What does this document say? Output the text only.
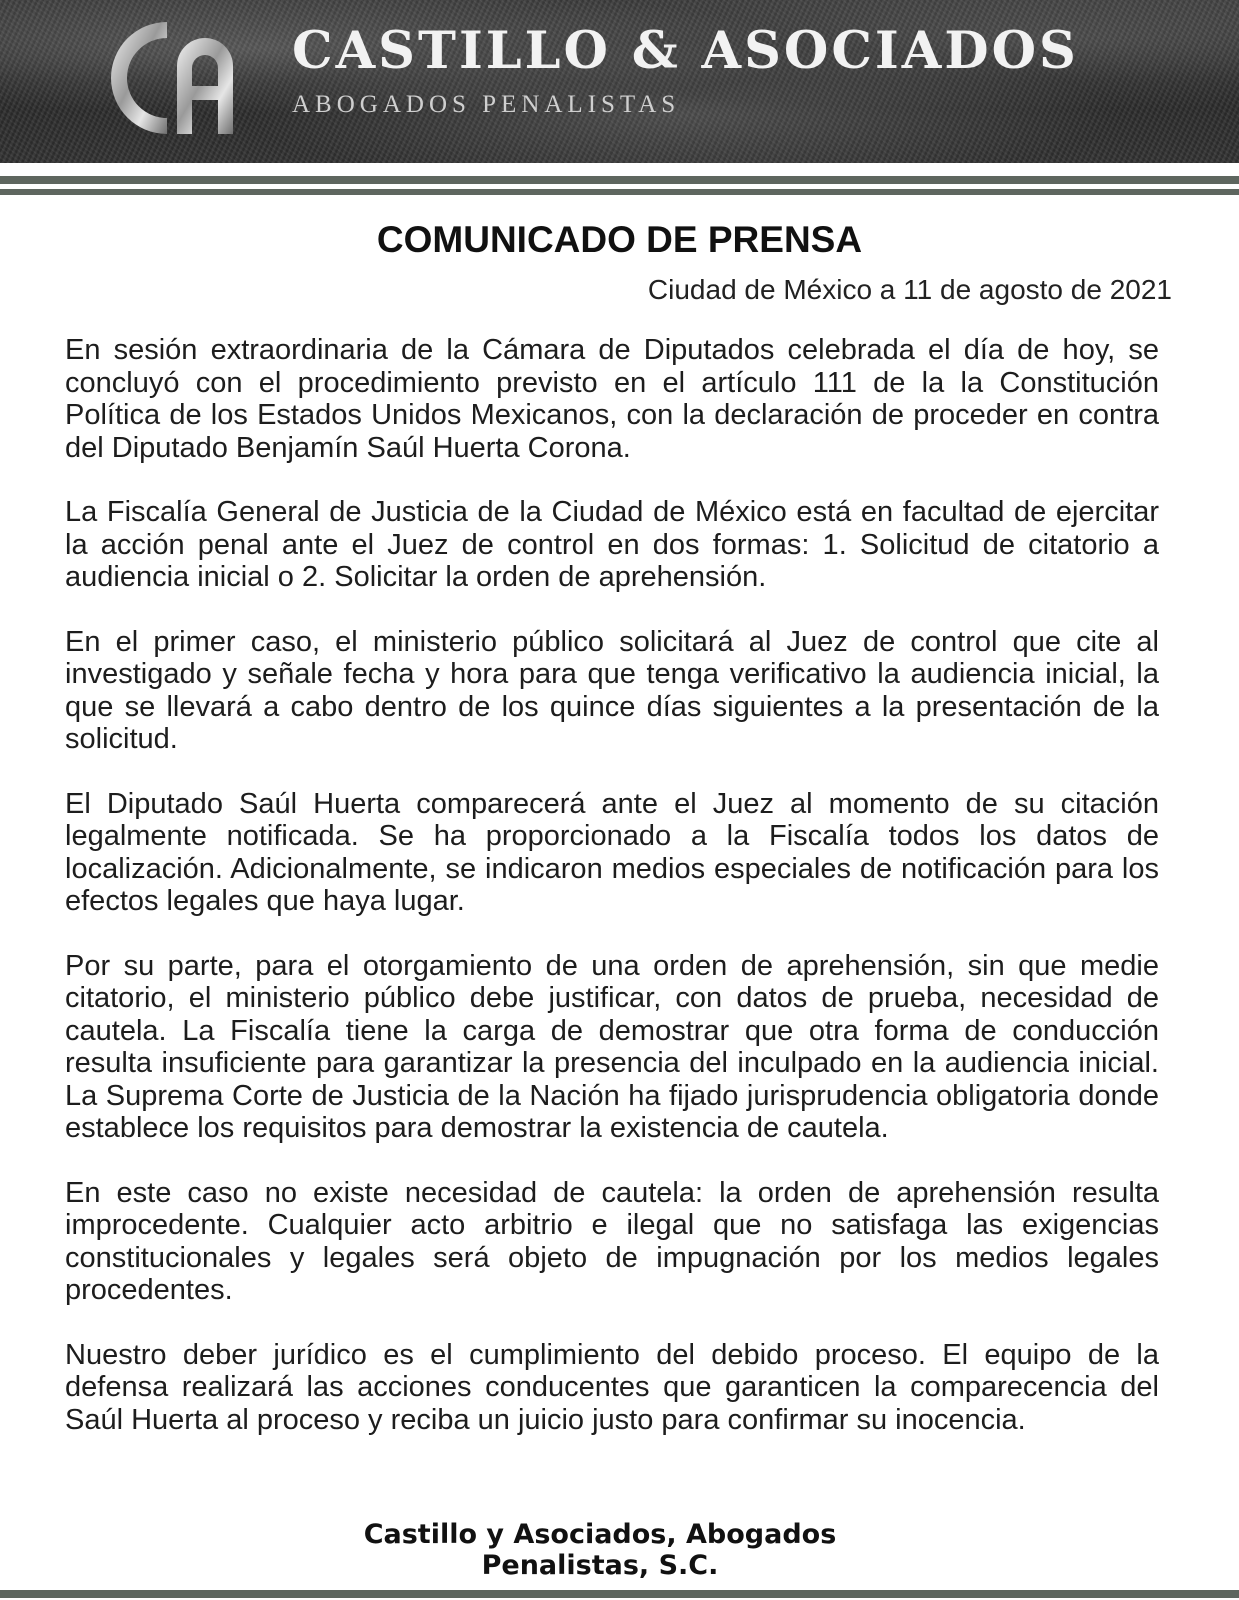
CASTILLO & ASOCIADOS
ABOGADOS PENALISTAS
COMUNICADO DE PRENSA
Ciudad de México a 11 de agosto de 2021

En sesión extraordinaria de la Cámara de Diputados celebrada el día de hoy, se concluyó con el procedimiento previsto en el artículo 111 de la la Constitución Política de los Estados Unidos Mexicanos, con la declaración de proceder en contra del Diputado Benjamín Saúl Huerta Corona.

La Fiscalía General de Justicia de la Ciudad de México está en facultad de ejercitar la acción penal ante el Juez de control en dos formas: 1. Solicitud de citatorio a audiencia inicial o 2. Solicitar la orden de aprehensión.

En el primer caso, el ministerio público solicitará al Juez de control que cite al investigado y señale fecha y hora para que tenga verificativo la audiencia inicial, la que se llevará a cabo dentro de los quince días siguientes a la presentación de la solicitud.

El Diputado Saúl Huerta comparecerá ante el Juez al momento de su citación legalmente notificada. Se ha proporcionado a la Fiscalía todos los datos de localización. Adicionalmente, se indicaron medios especiales de notificación para los efectos legales que haya lugar.

Por su parte, para el otorgamiento de una orden de aprehensión, sin que medie citatorio, el ministerio público debe justificar, con datos de prueba, necesidad de cautela. La Fiscalía tiene la carga de demostrar que otra forma de conducción resulta insuficiente para garantizar la presencia del inculpado en la audiencia inicial. La Suprema Corte de Justicia de la Nación ha fijado jurisprudencia obligatoria donde establece los requisitos para demostrar la existencia de cautela.

En este caso no existe necesidad de cautela: la orden de aprehensión resulta improcedente. Cualquier acto arbitrio e ilegal que no satisfaga las exigencias constitucionales y legales será objeto de impugnación por los medios legales procedentes.

Nuestro deber jurídico es el cumplimiento del debido proceso. El equipo de la defensa realizará las acciones conducentes que garanticen la comparecencia del Saúl Huerta al proceso y reciba un juicio justo para confirmar su inocencia.

Castillo y Asociados, Abogados
Penalistas, S.C.
